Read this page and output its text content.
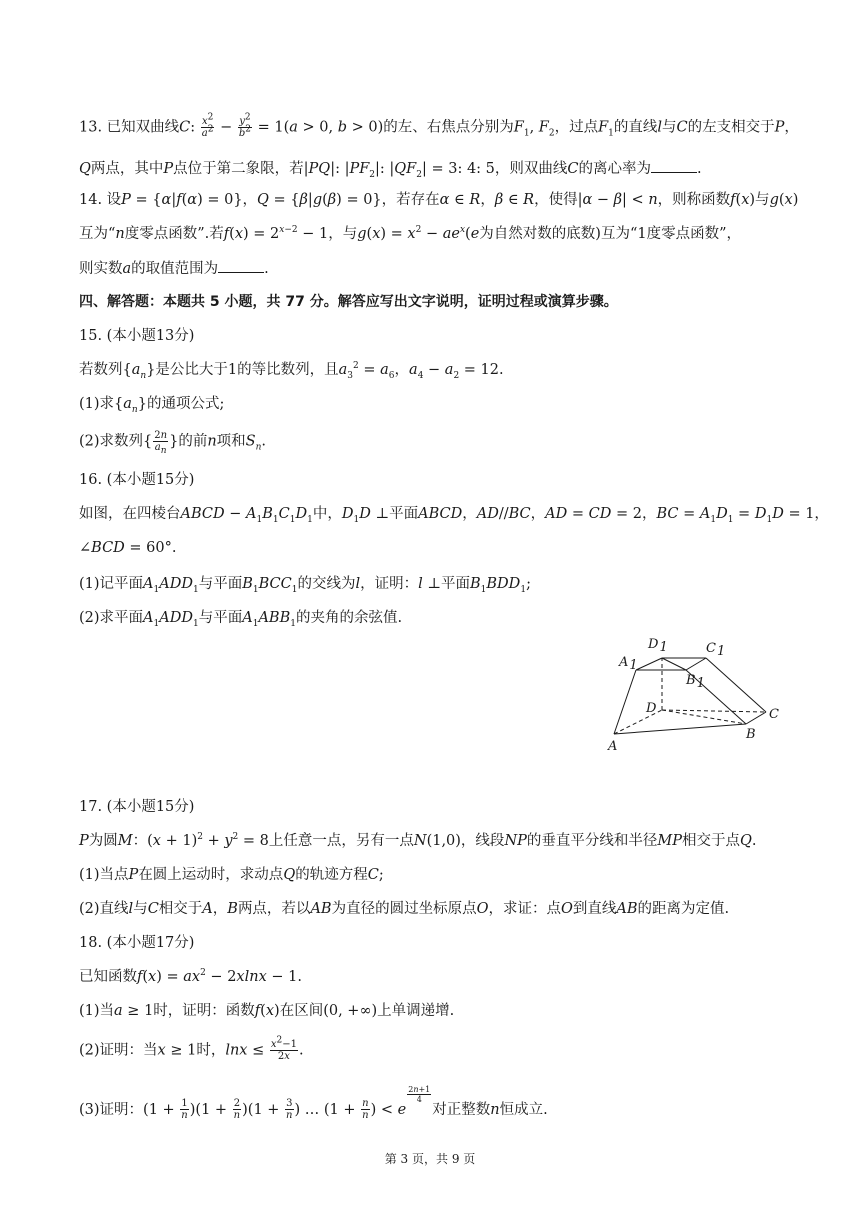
13. 已知双曲线C: $\frac{x^2}{a^2} - \frac{y^2}{b^2} = 1(a > 0$, b > 0)的左、右焦点分别为$F_1$, $F_2$，过点$F_1$的直线l与C的左支相交于P，
Q两点，其中P点位于第二象限，若|PQ|: $|PF_2|$: $|QF_2| = 3$: 4: 5，则双曲线C的离心率为	.
14. 设P = {α|f(α) = 0}，Q = {β|g(β) = 0}，若存在α ∈ R，β ∈ R，使得|α − β| < n，则称函数f(x)与g(x)
互为“n度零点函数”.若$f(x) = 2^{x-2} - 1$，与$g(x) = x^2 - ae^x(e$为自然对数的底数)互为“1度零点函数”，
则实数a的取值范围为	.
四、解答题：本题共 5 小题，共 77 分。解答应写出文字说明，证明过程或演算步骤。
15. (本小题13分)
若数列$\{a_n\}$是公比大于1的等比数列，且$a_3^2 = a_6$，$a_4 - a_2 = 12$.
(1)求$\{a_n\}$的通项公式;
(2)求数列{ $\frac{2n}{a_n}$ }的前n项和$S_n$.
16. (本小题15分)
如图，在四棱台ABCD − $A_1B_1C_1D_1$中，$D_1D$ ⊥平面ABCD，AD//BC，AD = CD = 2，BC = $A_1D_1 = D_1D = 1$，
∠BCD = 60°.
(1)记平面$A_1ADD_1$与平面$B_1BCC_1$的交线为l，证明：l ⊥平面$B_1BDD_1$;
(2)求平面$A_1ADD_1$与平面$A_1ABB_1$的夹角的余弦值.
D1	C1
A1
B1
D	C
A
B
17. (本小题15分)
P为圆M：$(x + 1)^2 + y^2 = 8$上任意一点，另有一点N(1,0)，线段NP的垂直平分线和半径MP相交于点Q.
(1)当点P在圆上运动时，求动点Q的轨迹方程C;
(2)直线l与C相交于A，B两点，若以AB为直径的圆过坐标原点O，求证：点O到直线AB的距离为定值.
18. (本小题17分)
已知函数$f(x) = ax^2 - 2xlnx - 1$.
(1)当a ≥ 1时，证明：函数f(x)在区间(0, +∞)上单调递增.
(2)证明：当x ≥ 1时，$\ln x \le \frac{x^2-1}{2x}$ .
(3)证明：$(1 + \frac{1}{n} )(1 + \frac{2}{n} )(1 + \frac{3}{n}$ ) … ($1 + \frac{n}{n}$ ) < e
$^{\frac{2n+1}{4}}$
对正整数n恒成立.
第 3 页，共 9 页
